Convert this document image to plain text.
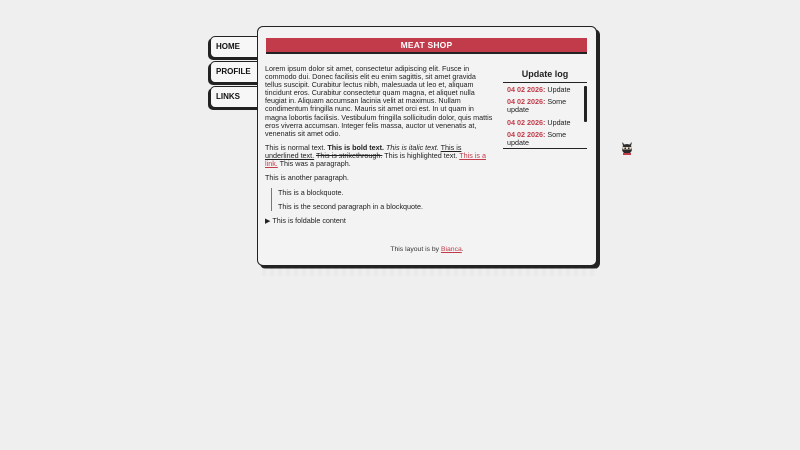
HOME
PROFILE
LINKS
MEAT SHOP

Lorem ipsum dolor sit amet, consectetur adipiscing elit. Fusce in commodo dui. Donec facilisis elit eu enim sagittis, sit amet gravida tellus suscipit. Curabitur lectus nibh, malesuada ut leo et, aliquam tincidunt eros. Curabitur consectetur quam magna, et aliquet nulla feugiat in. Aliquam accumsan lacinia velit at maximus. Nullam condimentum fringilla nunc. Mauris sit amet orci est. In ut quam in magna lobortis facilisis. Vestibulum fringilla sollicitudin dolor, quis mattis eros viverra accumsan. Integer felis massa, auctor ut venenatis at, venenatis sit amet odio.

This is normal text. This is bold text. This is italic text. This is underlined text. This is strikethrough. This is highlighted text. This is a link. This was a paragraph.

This is another paragraph.

This is a blockquote.

This is the second paragraph in a blockquote.

▶ This is foldable content
Update log
04 02 2026: Update
04 02 2026: Some update
04 02 2026: Update
04 02 2026: Some update
This layout is by Bianca.
